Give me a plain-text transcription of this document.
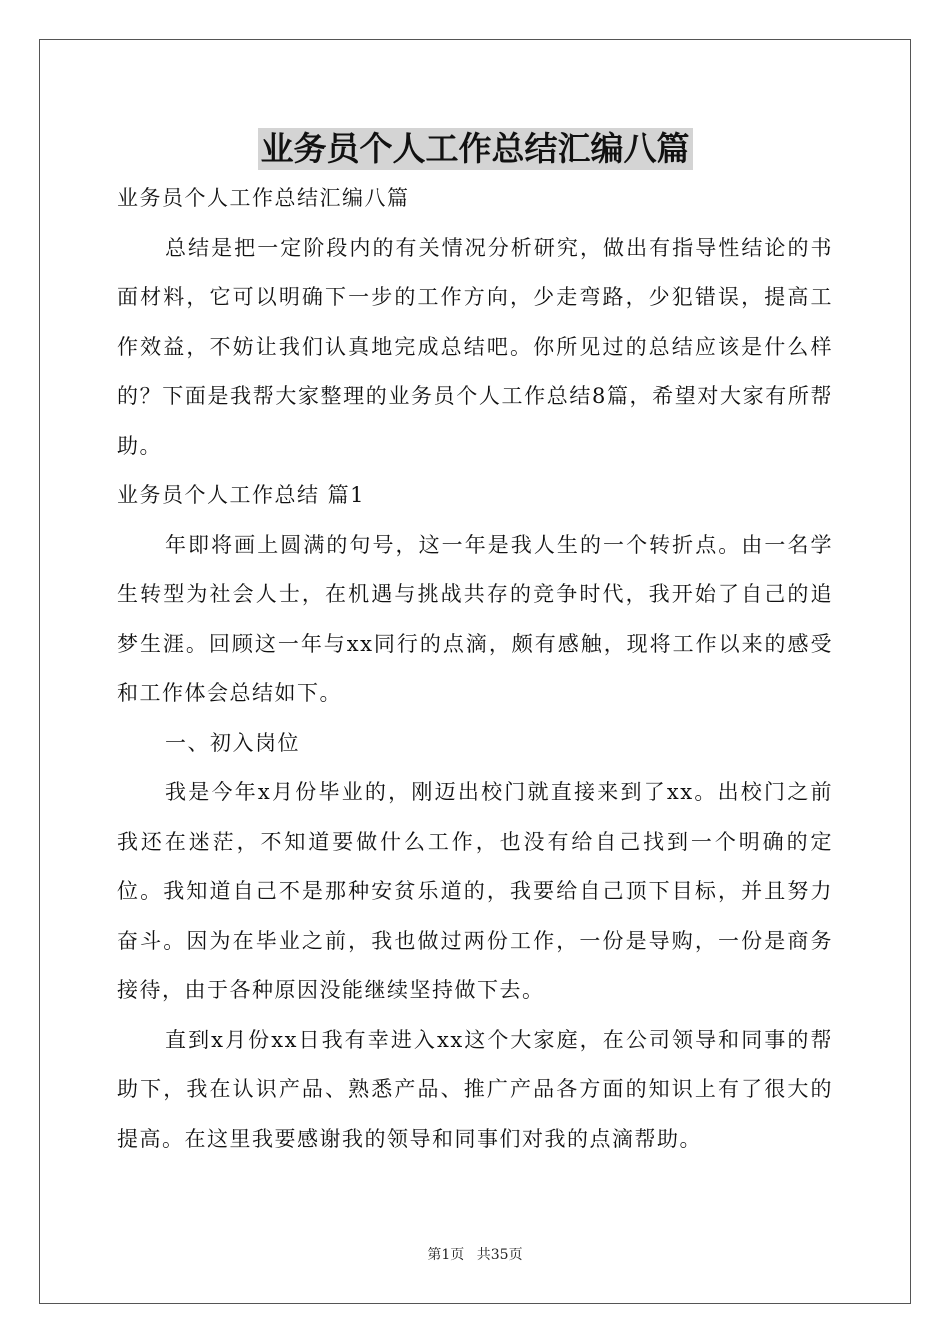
业务员个人工作总结汇编八篇

业务员个人工作总结汇编八篇

总结是把一定阶段内的有关情况分析研究，做出有指导性结论的书面材料，它可以明确下一步的工作方向，少走弯路，少犯错误，提高工作效益，不妨让我们认真地完成总结吧。你所见过的总结应该是什么样的？下面是我帮大家整理的业务员个人工作总结8篇，希望对大家有所帮助。

业务员个人工作总结 篇1

年即将画上圆满的句号，这一年是我人生的一个转折点。由一名学生转型为社会人士，在机遇与挑战共存的竞争时代，我开始了自己的追梦生涯。回顾这一年与xx同行的点滴，颇有感触，现将工作以来的感受和工作体会总结如下。

一、初入岗位

我是今年x月份毕业的，刚迈出校门就直接来到了xx。出校门之前我还在迷茫，不知道要做什么工作，也没有给自己找到一个明确的定位。我知道自己不是那种安贫乐道的，我要给自己顶下目标，并且努力奋斗。因为在毕业之前，我也做过两份工作，一份是导购，一份是商务接待，由于各种原因没能继续坚持做下去。

直到x月份xx日我有幸进入xx这个大家庭，在公司领导和同事的帮助下，我在认识产品、熟悉产品、推广产品各方面的知识上有了很大的提高。在这里我要感谢我的领导和同事们对我的点滴帮助。

第1页 共35页
